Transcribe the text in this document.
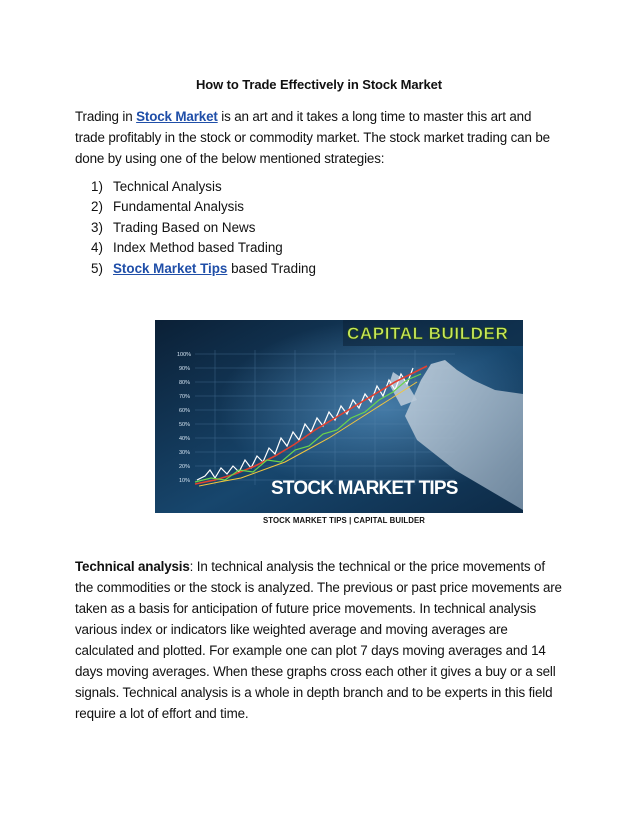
How to Trade Effectively in Stock Market

Trading in Stock Market is an art and it takes a long time to master this art and trade profitably in the stock or commodity market. The stock market trading can be done by using one of the below mentioned strategies:

1) Technical Analysis
2) Fundamental Analysis
3) Trading Based on News
4) Index Method based Trading
5) Stock Market Tips based Trading
100%
90%
80%
70%
60%
50%
40%
30%
20%
10%
CAPITAL BUILDER
STOCK MARKET TIPS
STOCK MARKET TIPS | CAPITAL BUILDER

Technical analysis: In technical analysis the technical or the price movements of the commodities or the stock is analyzed. The previous or past price movements are taken as a basis for anticipation of future price movements. In technical analysis various index or indicators like weighted average and moving averages are calculated and plotted. For example one can plot 7 days moving averages and 14 days moving averages. When these graphs cross each other it gives a buy or a sell signals. Technical analysis is a whole in depth branch and to be experts in this field require a lot of effort and time.
